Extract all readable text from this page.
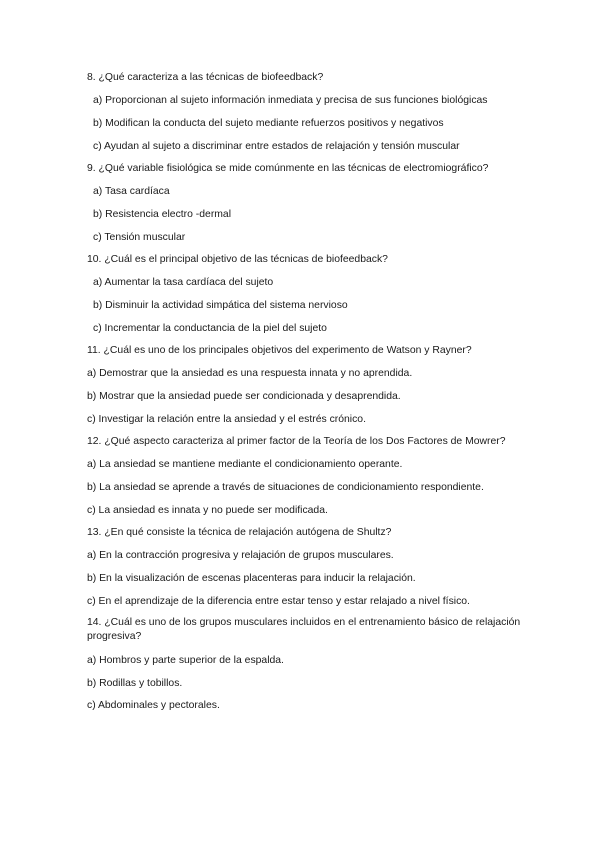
8. ¿Qué caracteriza a las técnicas de biofeedback?
a) Proporcionan al sujeto información inmediata y precisa de sus funciones biológicas
b) Modifican la conducta del sujeto mediante refuerzos positivos y negativos
c) Ayudan al sujeto a discriminar entre estados de relajación y tensión muscular
9. ¿Qué variable fisiológica se mide comúnmente en las técnicas de electromiográfico?
a) Tasa cardíaca
b) Resistencia electro -dermal
c) Tensión muscular
10. ¿Cuál es el principal objetivo de las técnicas de biofeedback?
a) Aumentar la tasa cardíaca del sujeto
b) Disminuir la actividad simpática del sistema nervioso
c) Incrementar la conductancia de la piel del sujeto
11. ¿Cuál es uno de los principales objetivos del experimento de Watson y Rayner?
a) Demostrar que la ansiedad es una respuesta innata y no aprendida.
b) Mostrar que la ansiedad puede ser condicionada y desaprendida.
c) Investigar la relación entre la ansiedad y el estrés crónico.
12. ¿Qué aspecto caracteriza al primer factor de la Teoría de los Dos Factores de Mowrer?
a) La ansiedad se mantiene mediante el condicionamiento operante.
b) La ansiedad se aprende a través de situaciones de condicionamiento respondiente.
c) La ansiedad es innata y no puede ser modificada.
13. ¿En qué consiste la técnica de relajación autógena de Shultz?
a) En la contracción progresiva y relajación de grupos musculares.
b) En la visualización de escenas placenteras para inducir la relajación.
c) En el aprendizaje de la diferencia entre estar tenso y estar relajado a nivel físico.
14. ¿Cuál es uno de los grupos musculares incluidos en el entrenamiento básico de relajación progresiva?
a) Hombros y parte superior de la espalda.
b) Rodillas y tobillos.
c) Abdominales y pectorales.
